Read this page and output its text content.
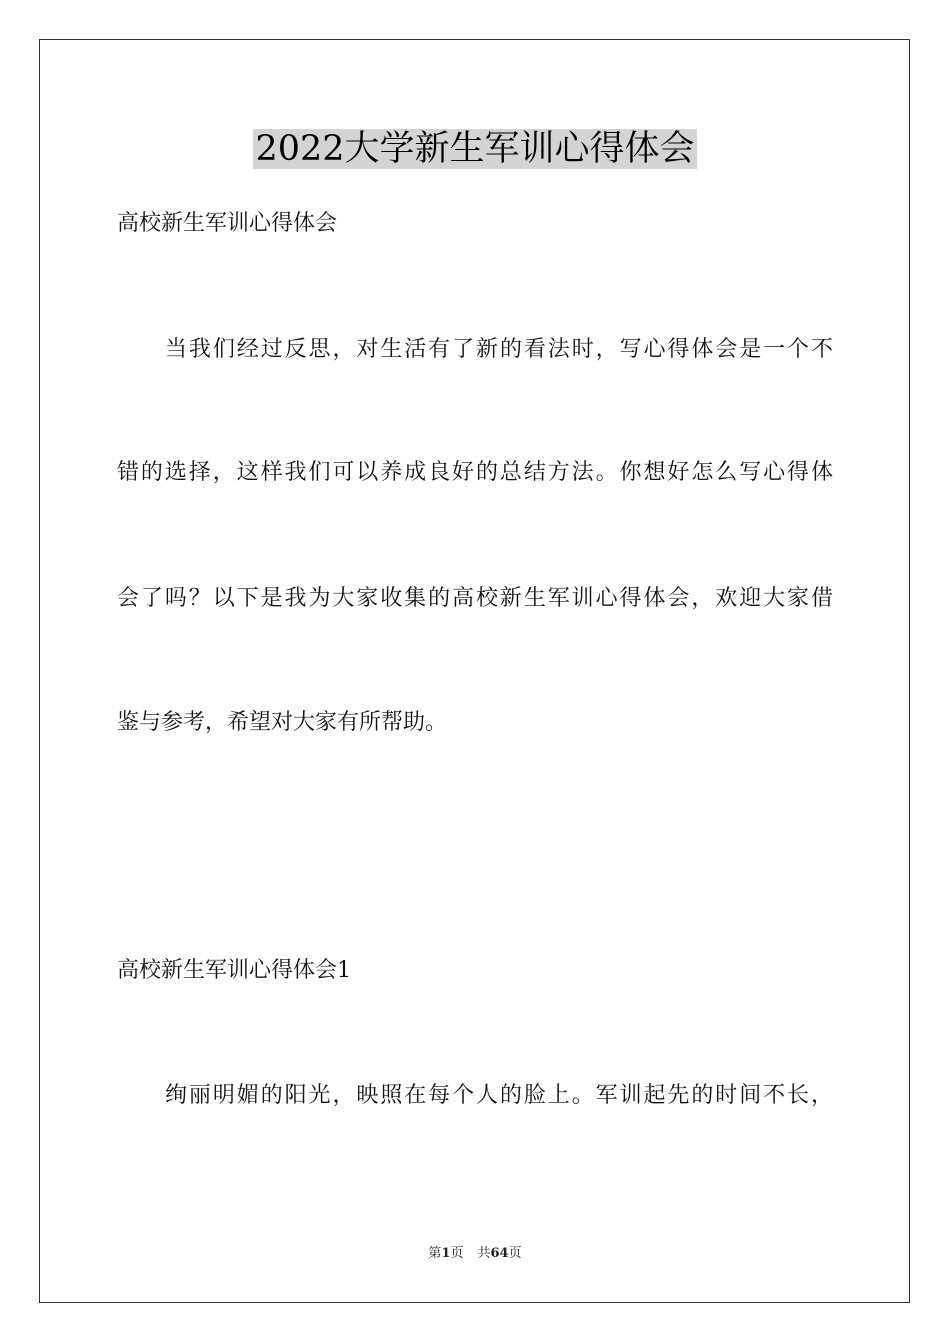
2022大学新生军训心得体会
高校新生军训心得体会
当我们经过反思，对生活有了新的看法时，写心得体会是一个不
错的选择，这样我们可以养成良好的总结方法。你想好怎么写心得体
会了吗？以下是我为大家收集的高校新生军训心得体会，欢迎大家借
鉴与参考，希望对大家有所帮助。
高校新生军训心得体会1
绚丽明媚的阳光，映照在每个人的脸上。军训起先的时间不长，
第1页 共64页
